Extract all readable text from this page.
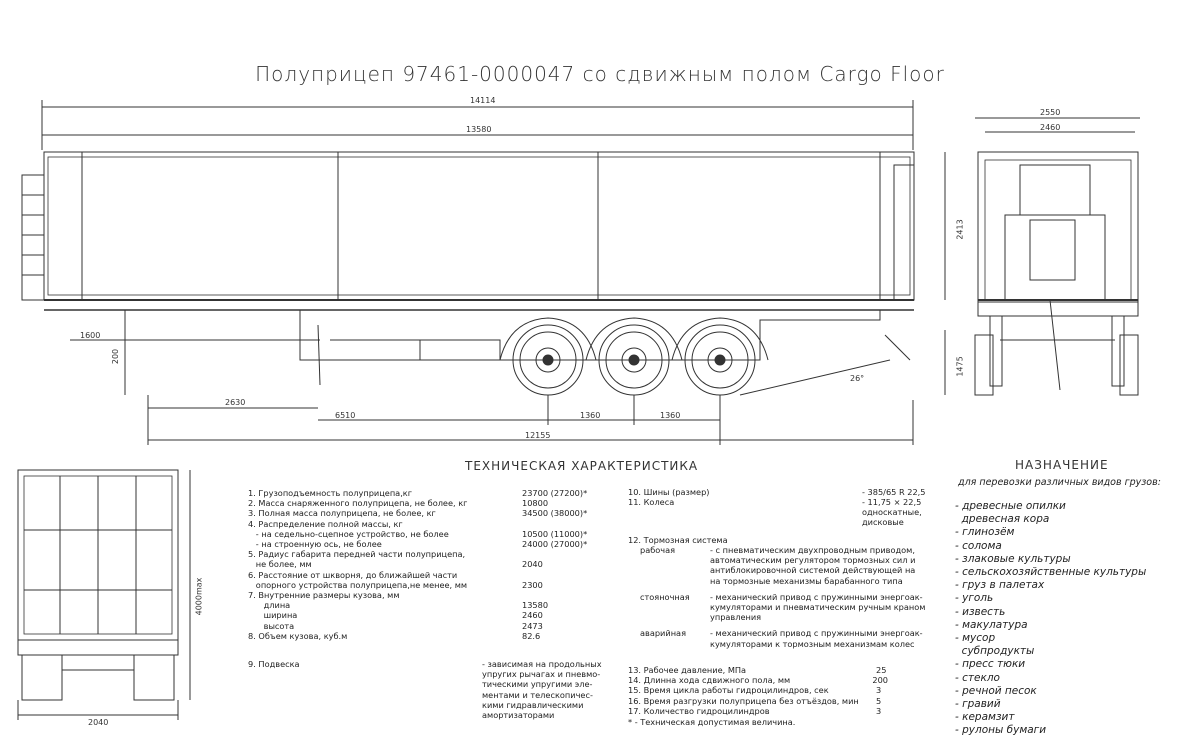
Полуприцеп 97461-0000047 со сдвижным полом Cargo Floor
14114
13580
2550
2460
2413
1475
1600
200
2630
6510	1360	1360
12155
26°
4000max
2040
ТЕХНИЧЕСКАЯ ХАРАКТЕРИСТИКА
1. Грузоподъемность полуприцепа,кг	23700 (27200)*
2. Масса снаряженного полуприцепа, не более, кг	10800
3. Полная масса полуприцепа, не более, кг	34500 (38000)*
4. Распределение полной массы, кг
- на седельно-сцепное устройство, не более	10500 (11000)*
- на строенную ось, не более	24000 (27000)*
5. Радиус габарита передней части полуприцепа,
не более, мм	2040
6. Расстояние от шкворня, до ближайшей части
опорного устройства полуприцепа,не менее, мм	2300
7. Внутренние размеры кузова, мм
длина	13580
ширина	2460
высота	2473
8. Объем кузова, куб.м	82.6
9. Подвеска	- зависимая на продольных
упругих рычагах и пневмо-
тическими упругими эле-
ментами и телескопичес-
кими гидравлическими
амортизаторами
10. Шины (размер)	- 385/65 R 22,5
11. Колеса	- 11,75 × 22,5
односкатные,
дисковые
12. Тормозная система
рабочая	- с пневматическим двухпроводным приводом,
автоматическим регулятором тормозных сил и
антиблокировочной системой действующей на
на тормозные механизмы барабанного типа
стояночная	- механический привод с пружинными энергоак-
кумуляторами и пневматическим ручным краном
управления
аварийная	- механический привод с пружинными энергоак-
кумуляторами к тормозным механизмам колес
13. Рабочее давление, МПа	25
14. Длинна хода сдвижного пола, мм	200
15. Время цикла работы гидроцилиндров, сек	3
16. Время разгрузки полуприцепа без отъёздов, мин	5
17. Количество гидроцилиндров	3
* - Техническая допустимая величина.
НАЗНАЧЕНИЕ
для перевозки различных видов грузов:
- древесные опилки
древесная кора
- глинозём
- солома
- злаковые культуры
- сельскохозяйственные культуры
- груз в палетах
- уголь
- известь
- макулатура
- мусор
субпродукты
- пресс тюки
- стекло
- речной песок
- гравий
- керамзит
- рулоны бумаги
